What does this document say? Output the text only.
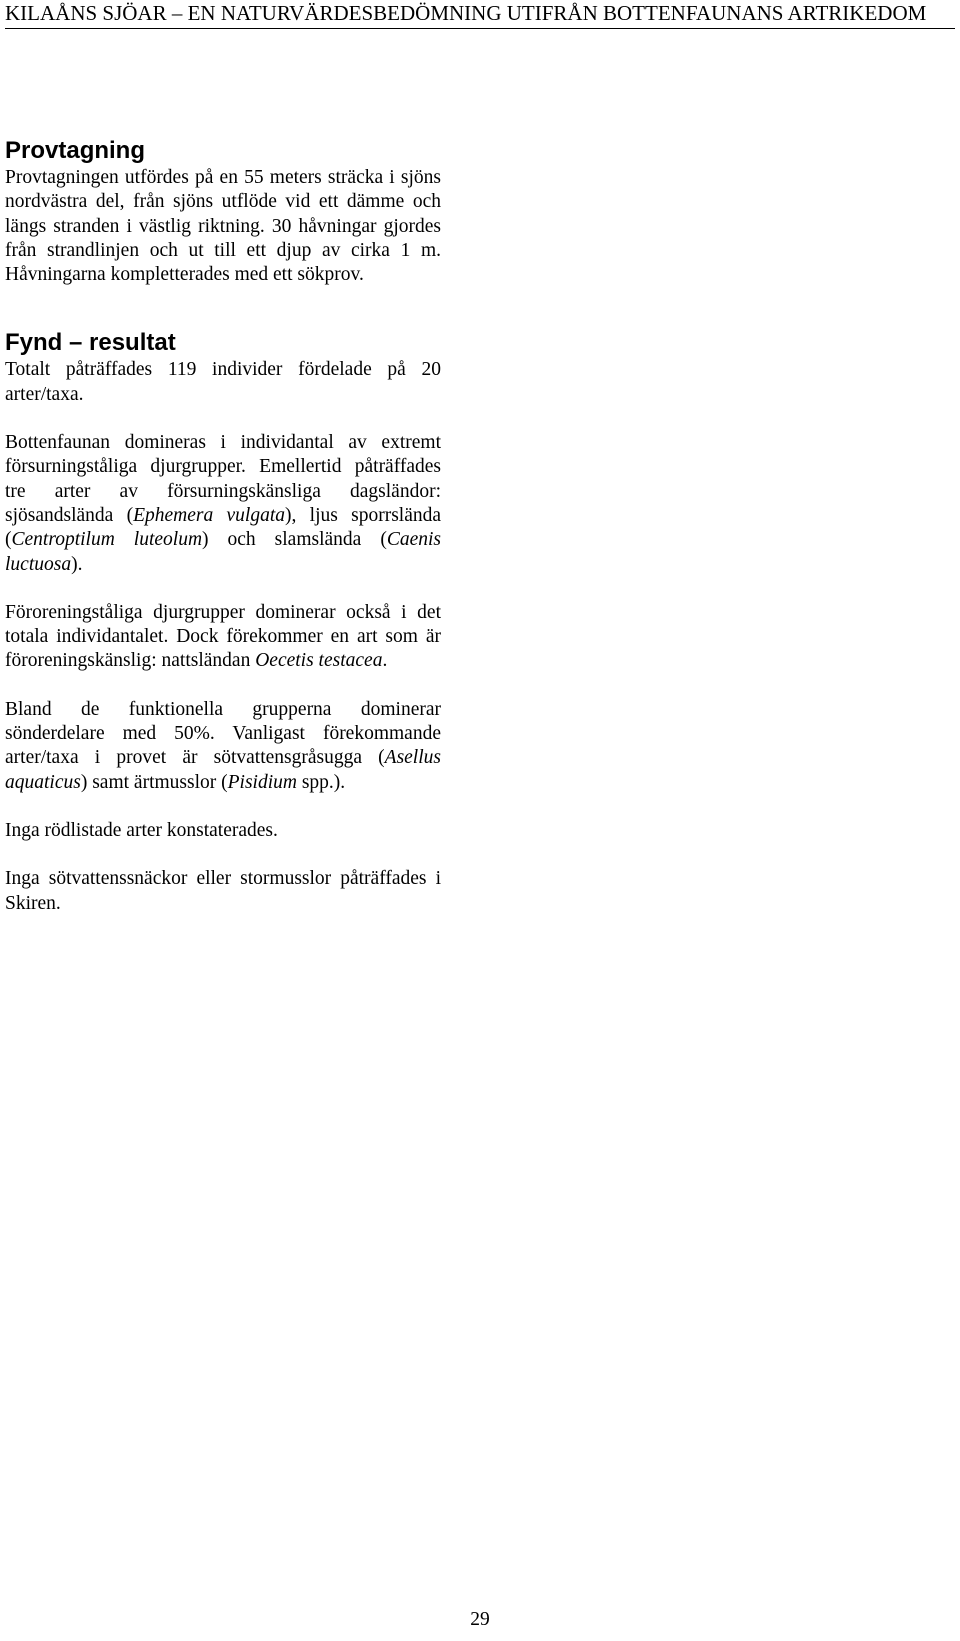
KILAÅNS SJÖAR – EN NATURVÄRDESBEDÖMNING UTIFRÅN BOTTENFAUNANS ARTRIKEDOM
Provtagning

Provtagningen utfördes på en 55 meters sträcka i sjöns nordvästra del, från sjöns utflöde vid ett dämme och längs stranden i västlig riktning. 30 håvningar gjordes från strandlinjen och ut till ett djup av cirka 1 m. Håvningarna kompletterades med ett sökprov.

Fynd – resultat

Totalt påträffades 119 individer fördelade på 20 arter/taxa.

Bottenfaunan domineras i individantal av extremt försurningståliga djurgrupper. Emellertid påträffades tre arter av försurningskänsliga dagsländor: sjösandslända (Ephemera vulgata), ljus sporrslända (Centroptilum luteolum) och slamslända (Caenis luctuosa).

Föroreningståliga djurgrupper dominerar också i det totala individantalet. Dock förekommer en art som är föroreningskänslig: nattsländan Oecetis testacea.

Bland de funktionella grupperna dominerar sönderdelare med 50%. Vanligast förekommande arter/taxa i provet är sötvattensgråsugga (Asellus aquaticus) samt ärtmusslor (Pisidium spp.).

Inga rödlistade arter konstaterades.

Inga sötvattenssnäckor eller stormusslor påträffades i Skiren.

29
